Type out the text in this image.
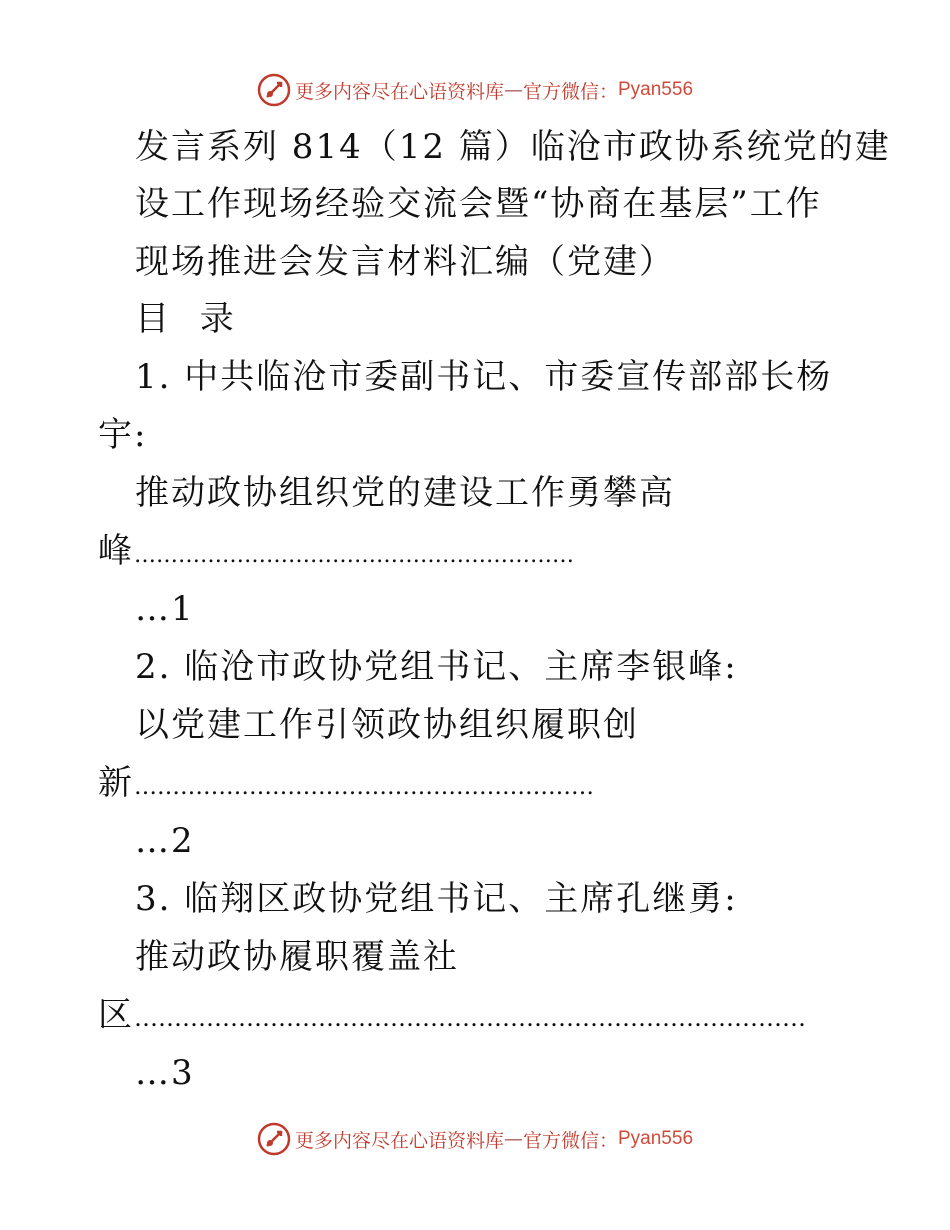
更多内容尽在心语资料库 — 官方微信： Pyan556
发言系列 814（12 篇）临沧市政协系统党的建
设工作现场经验交流会暨“协商在基层”工作
现场推进会发言材料汇编（党建）
目 录
1. 中共临沧市委副书记、市委宣传部部长杨
宇:
推动政协组织党的建设工作勇攀高
峰……………………………………………………
…1
2. 临沧市政协党组书记、主席李银峰:
以党建工作引领政协组织履职创
新……………………………………………………
…2
3. 临翔区政协党组书记、主席孔继勇:
推动政协履职覆盖社
区…………………………………………………………………………
…3
更多内容尽在心语资料库 — 官方微信： Pyan556
